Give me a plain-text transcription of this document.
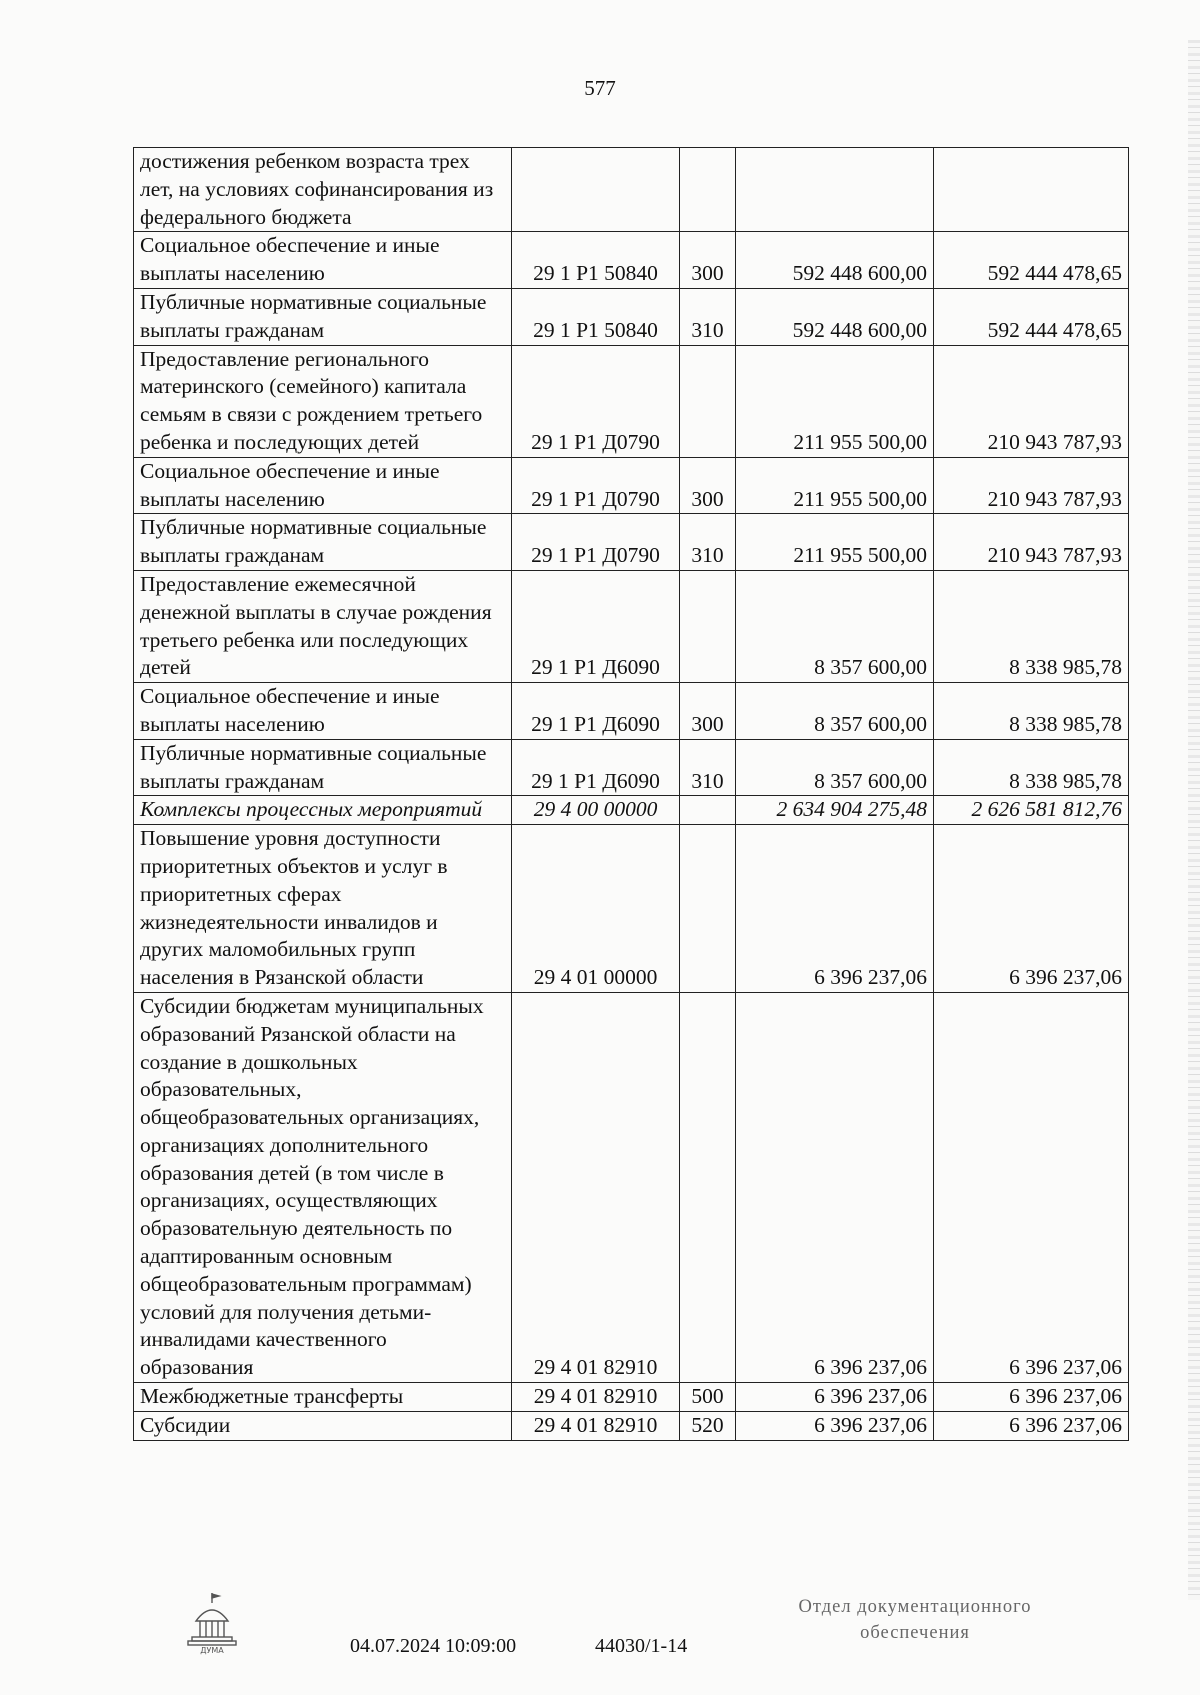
577
достижения ребенком возраста трех лет, на условиях софинансирования из федерального бюджета				
Социальное обеспечение и иные выплаты населению	29 1 Р1 50840	300	592 448 600,00	592 444 478,65
Публичные нормативные социальные выплаты гражданам	29 1 Р1 50840	310	592 448 600,00	592 444 478,65
Предоставление регионального материнского (семейного) капитала семьям в связи с рождением третьего ребенка и последующих детей	29 1 Р1 Д0790		211 955 500,00	210 943 787,93
Социальное обеспечение и иные выплаты населению	29 1 Р1 Д0790	300	211 955 500,00	210 943 787,93
Публичные нормативные социальные выплаты гражданам	29 1 Р1 Д0790	310	211 955 500,00	210 943 787,93
Предоставление ежемесячной денежной выплаты в случае рождения третьего ребенка или последующих детей	29 1 Р1 Д6090		8 357 600,00	8 338 985,78
Социальное обеспечение и иные выплаты населению	29 1 Р1 Д6090	300	8 357 600,00	8 338 985,78
Публичные нормативные социальные выплаты гражданам	29 1 Р1 Д6090	310	8 357 600,00	8 338 985,78
Комплексы процессных мероприятий	29 4 00 00000		2 634 904 275,48	2 626 581 812,76
Повышение уровня доступности приоритетных объектов и услуг в приоритетных сферах жизнедеятельности инвалидов и других маломобильных групп населения в Рязанской области	29 4 01 00000		6 396 237,06	6 396 237,06
Субсидии бюджетам муниципальных образований Рязанской области на создание в дошкольных образовательных, общеобразовательных организациях, организациях дополнительного образования детей (в том числе в организациях, осуществляющих образовательную деятельность по адаптированным основным общеобразовательным программам) условий для получения детьми-инвалидами качественного образования	29 4 01 82910		6 396 237,06	6 396 237,06
Межбюджетные трансферты	29 4 01 82910	500	6 396 237,06	6 396 237,06
Субсидии	29 4 01 82910	520	6 396 237,06	6 396 237,06
ДУМА	04.07.2024 10:09:00	44030/1-14
Отдел документационного
обеспечения
